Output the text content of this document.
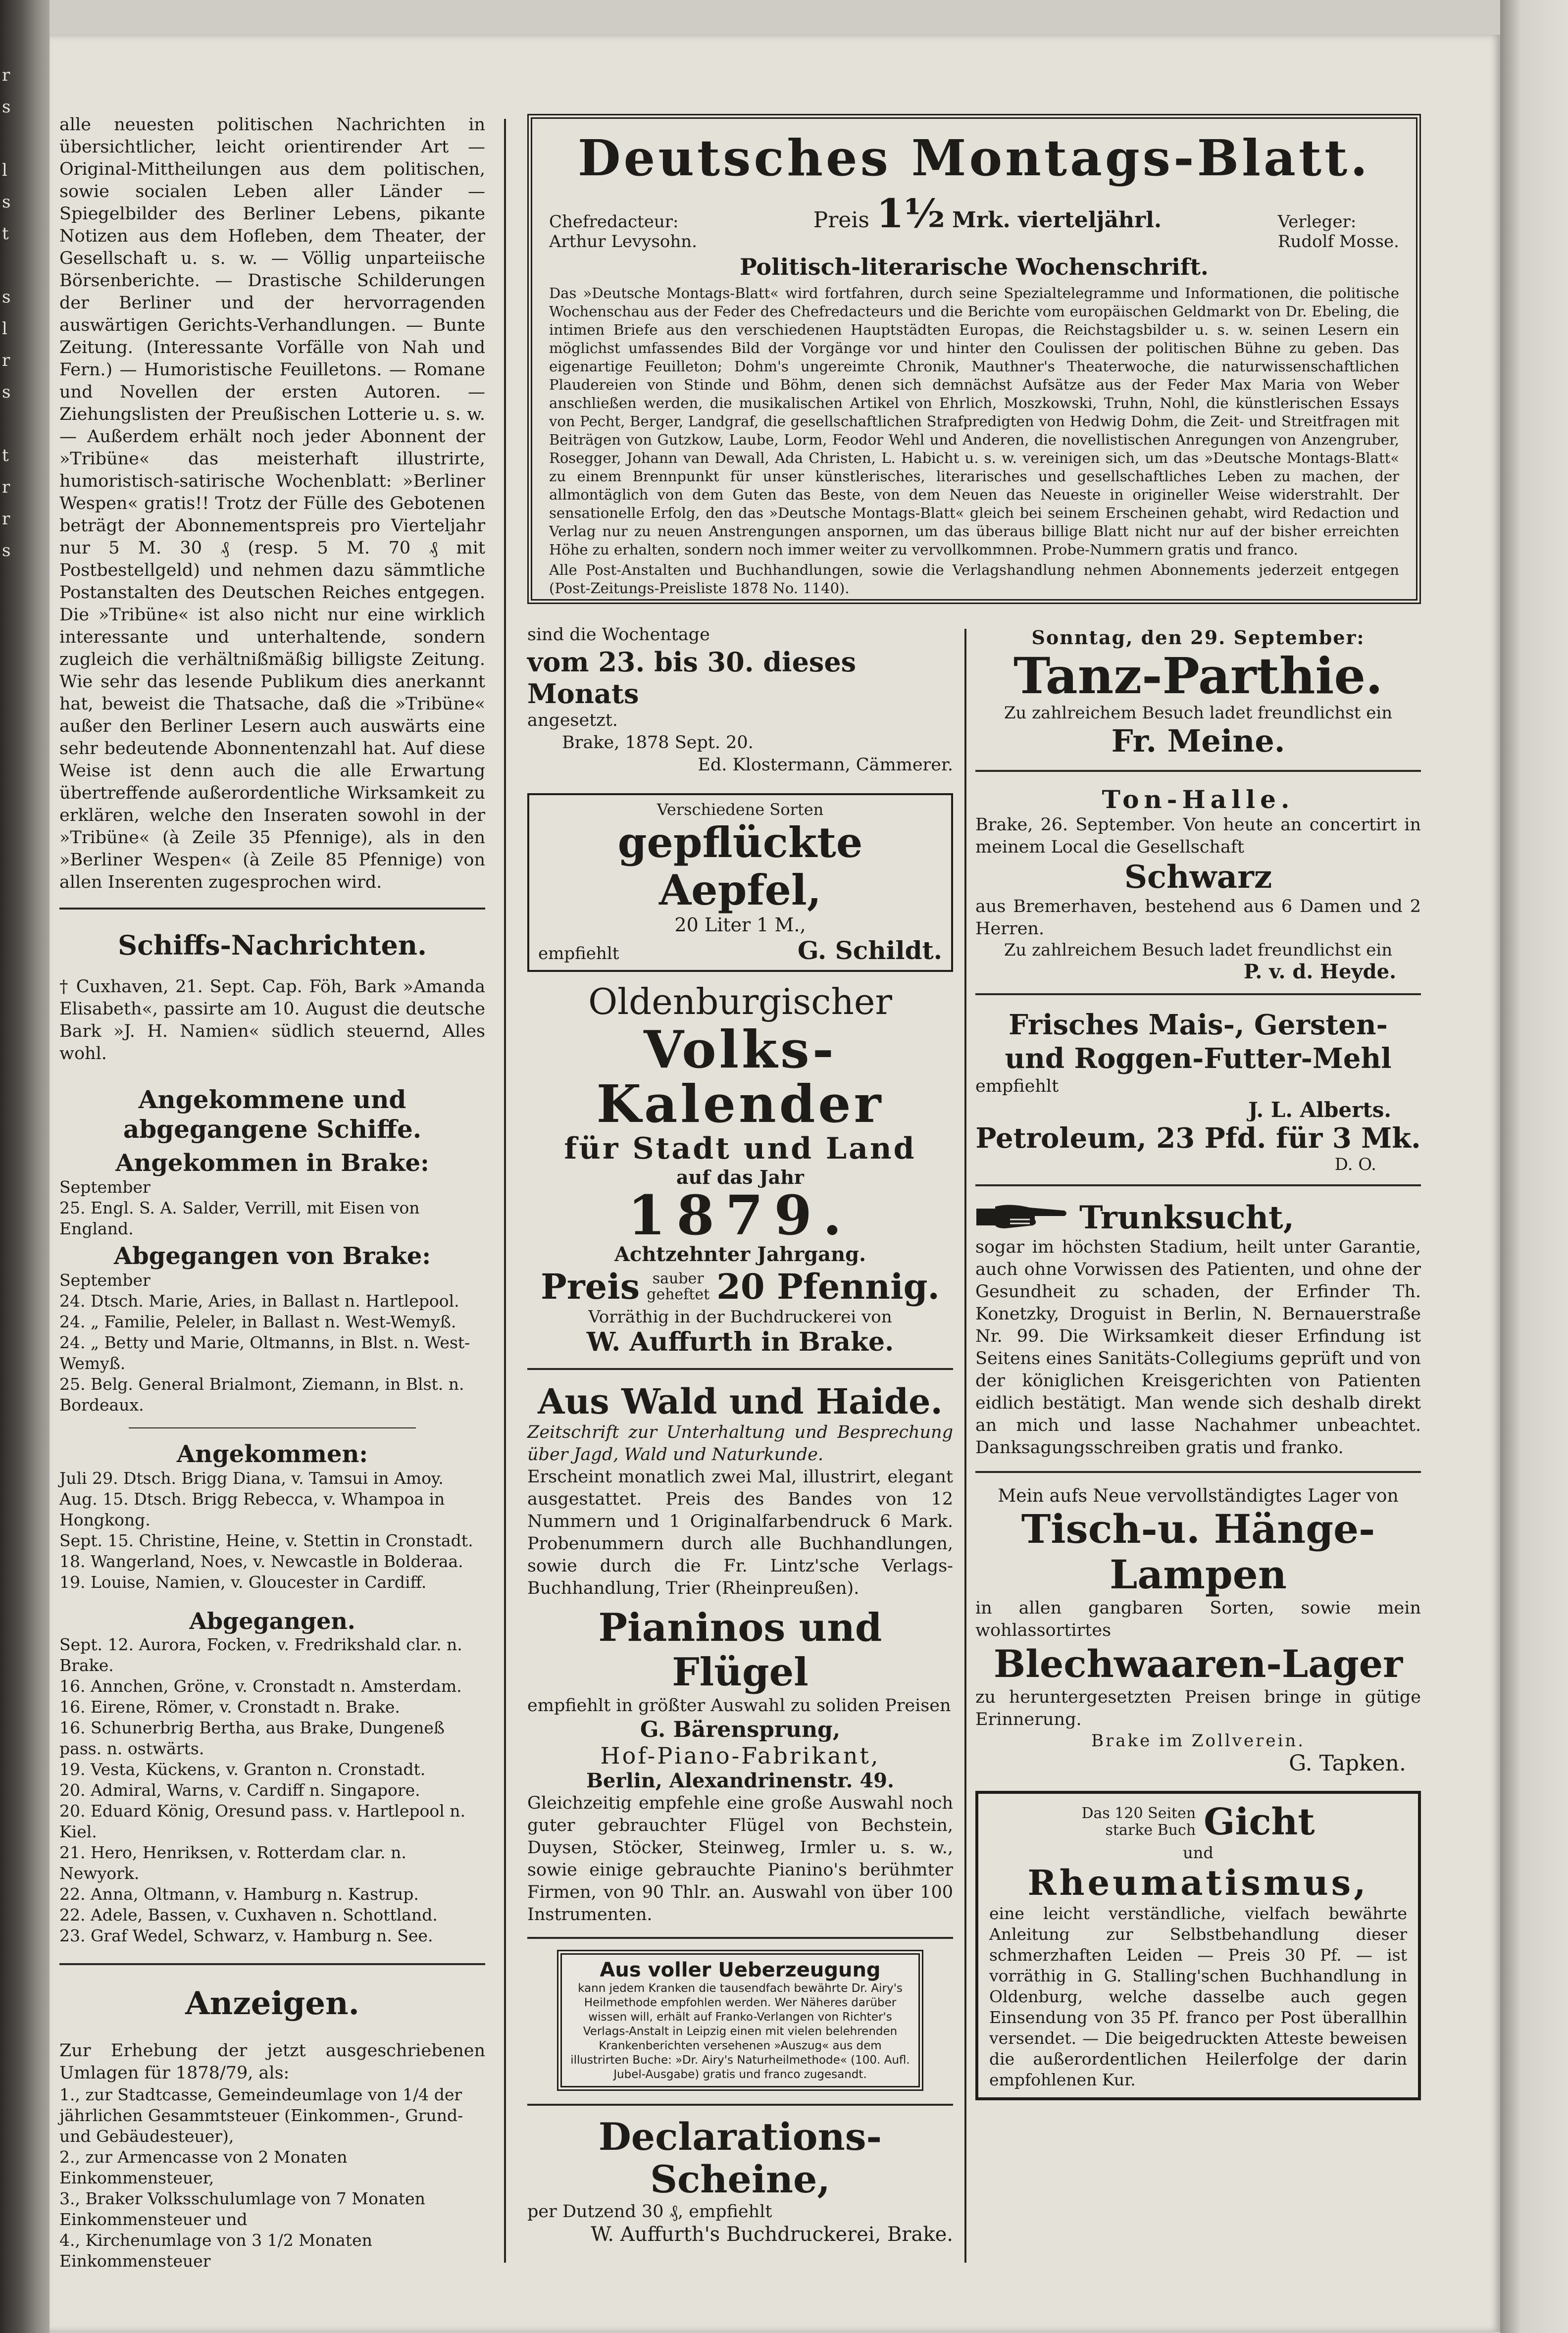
r
s

l
s
t

s
l
r
s

t
r
r
s

alle neuesten politischen Nachrichten in übersichtlicher, leicht orientirender Art — Original-Mittheilungen aus dem politischen, sowie socialen Leben aller Länder — Spiegelbilder des Berliner Lebens, pikante Notizen aus dem Hofleben, dem Theater, der Gesellschaft u. s. w. — Völlig unparteiische Börsenberichte. — Drastische Schilderungen der Berliner und der hervorragenden auswärtigen Gerichts-Verhandlungen. — Bunte Zeitung. (Interessante Vorfälle von Nah und Fern.) — Humoristische Feuilletons. — Romane und Novellen der ersten Autoren. — Ziehungslisten der Preußischen Lotterie u. s. w. — Außerdem erhält noch jeder Abonnent der »Tribüne« das meisterhaft illustrirte, humoristisch-satirische Wochenblatt: »Berliner Wespen« gratis!! Trotz der Fülle des Gebotenen beträgt der Abonnementspreis pro Vierteljahr nur 5 M. 30 ₰ (resp. 5 M. 70 ₰ mit Postbestellgeld) und nehmen dazu sämmtliche Postanstalten des Deutschen Reiches entgegen. Die »Tribüne« ist also nicht nur eine wirklich interessante und unterhaltende, sondern zugleich die verhältnißmäßig billigste Zeitung. Wie sehr das lesende Publikum dies anerkannt hat, beweist die Thatsache, daß die »Tribüne« außer den Berliner Lesern auch auswärts eine sehr bedeutende Abonnentenzahl hat. Auf diese Weise ist denn auch die alle Erwartung übertreffende außerordentliche Wirksamkeit zu erklären, welche den Inseraten sowohl in der »Tribüne« (à Zeile 35 Pfennige), als in den »Berliner Wespen« (à Zeile 85 Pfennige) von allen Inserenten zugesprochen wird.

Schiffs-Nachrichten.

† Cuxhaven, 21. Sept. Cap. Föh, Bark »Amanda Elisabeth«, passirte am 10. August die deutsche Bark »J. H. Namien« südlich steuernd, Alles wohl.

Angekommene und abgegangene Schiffe.

Angekommen in Brake:

September

25. Engl. S. A. Salder, Verrill, mit Eisen von England.

Abgegangen von Brake:

September

24. Dtsch. Marie, Aries, in Ballast n. Hartlepool.

24. „ Familie, Peleler, in Ballast n. West-Wemyß.

24. „ Betty und Marie, Oltmanns, in Blst. n. West-Wemyß.

25. Belg. General Brialmont, Ziemann, in Blst. n. Bordeaux.

Angekommen:

Juli 29. Dtsch. Brigg Diana, v. Tamsui in Amoy.

Aug. 15. Dtsch. Brigg Rebecca, v. Whampoa in Hongkong.

Sept. 15. Christine, Heine, v. Stettin in Cronstadt.

18. Wangerland, Noes, v. Newcastle in Bolderaa.

19. Louise, Namien, v. Gloucester in Cardiff.

Abgegangen.

Sept. 12. Aurora, Focken, v. Fredrikshald clar. n. Brake.

16. Annchen, Gröne, v. Cronstadt n. Amsterdam.

16. Eirene, Römer, v. Cronstadt n. Brake.

16. Schunerbrig Bertha, aus Brake, Dungeneß pass. n. ostwärts.

19. Vesta, Kückens, v. Granton n. Cronstadt.

20. Admiral, Warns, v. Cardiff n. Singapore.

20. Eduard König, Oresund pass. v. Hartlepool n. Kiel.

21. Hero, Henriksen, v. Rotterdam clar. n. Newyork.

22. Anna, Oltmann, v. Hamburg n. Kastrup.

22. Adele, Bassen, v. Cuxhaven n. Schottland.

23. Graf Wedel, Schwarz, v. Hamburg n. See.

Anzeigen.

Zur Erhebung der jetzt ausgeschriebenen Umlagen für 1878/79, als:

1., zur Stadtcasse, Gemeindeumlage von 1/4 der jährlichen Gesammtsteuer (Einkommen-, Grund- und Gebäudesteuer),

2., zur Armencasse von 2 Monaten Einkommensteuer,

3., Braker Volksschulumlage von 7 Monaten Einkommensteuer und

4., Kirchenumlage von 3 1/2 Monaten Einkommensteuer

Deutsches Montags-Blatt.

Chefredacteur:

Arthur Levysohn.

Preis 1½ Mrk. vierteljährl.	Verleger:

Rudolf Mosse.

Politisch-literarische Wochenschrift.

Das »Deutsche Montags-Blatt« wird fortfahren, durch seine Spezialtelegramme und Informationen, die politische Wochenschau aus der Feder des Chefredacteurs und die Berichte vom europäischen Geldmarkt von Dr. Ebeling, die intimen Briefe aus den verschiedenen Hauptstädten Europas, die Reichstagsbilder u. s. w. seinen Lesern ein möglichst umfassendes Bild der Vorgänge vor und hinter den Coulissen der politischen Bühne zu geben. Das eigenartige Feuilleton; Dohm's ungereimte Chronik, Mauthner's Theaterwoche, die naturwissenschaftlichen Plaudereien von Stinde und Böhm, denen sich demnächst Aufsätze aus der Feder Max Maria von Weber anschließen werden, die musikalischen Artikel von Ehrlich, Moszkowski, Truhn, Nohl, die künstlerischen Essays von Pecht, Berger, Landgraf, die gesellschaftlichen Strafpredigten von Hedwig Dohm, die Zeit- und Streitfragen mit Beiträgen von Gutzkow, Laube, Lorm, Feodor Wehl und Anderen, die novellistischen Anregungen von Anzengruber, Rosegger, Johann van Dewall, Ada Christen, L. Habicht u. s. w. vereinigen sich, um das »Deutsche Montags-Blatt« zu einem Brennpunkt für unser künstlerisches, literarisches und gesellschaftliches Leben zu machen, der allmontäglich von dem Guten das Beste, von dem Neuen das Neueste in origineller Weise widerstrahlt. Der sensationelle Erfolg, den das »Deutsche Montags-Blatt« gleich bei seinem Erscheinen gehabt, wird Redaction und Verlag nur zu neuen Anstrengungen anspornen, um das überaus billige Blatt nicht nur auf der bisher erreichten Höhe zu erhalten, sondern noch immer weiter zu vervollkommnen. Probe-Nummern gratis und franco.

Alle Post-Anstalten und Buchhandlungen, sowie die Verlagshandlung nehmen Abonnements jederzeit entgegen (Post-Zeitungs-Preisliste 1878 No. 1140).

sind die Wochentage

vom 23. bis 30. dieses Monats

angesetzt.

Brake, 1878 Sept. 20.

Ed. Klostermann, Cämmerer.

Verschiedene Sorten

gepflückte Aepfel,

20 Liter 1 M.,

empfiehlt	G. Schildt.

Oldenburgischer

Volks-Kalender

für Stadt und Land

auf das Jahr

1879.

Achtzehnter Jahrgang.

Preis sauber
geheftet 20 Pfennig.

Vorräthig in der Buchdruckerei von

W. Auffurth in Brake.

Aus Wald und Haide.

Zeitschrift zur Unterhaltung und Besprechung über Jagd, Wald und Naturkunde.

Erscheint monatlich zwei Mal, illustrirt, elegant ausgestattet. Preis des Bandes von 12 Nummern und 1 Originalfarbendruck 6 Mark. Probenummern durch alle Buchhandlungen, sowie durch die Fr. Lintz'sche Verlags-Buchhandlung, Trier (Rheinpreußen).

Pianinos und Flügel

empfiehlt in größter Auswahl zu soliden Preisen

G. Bärensprung,

Hof-Piano-Fabrikant,

Berlin, Alexandrinenstr. 49.

Gleichzeitig empfehle eine große Auswahl noch guter gebrauchter Flügel von Bechstein, Duysen, Stöcker, Steinweg, Irmler u. s. w., sowie einige gebrauchte Pianino's berühmter Firmen, von 90 Thlr. an. Auswahl von über 100 Instrumenten.

Aus voller Ueberzeugung

kann jedem Kranken die tausendfach bewährte Dr. Airy's Heilmethode empfohlen werden. Wer Näheres darüber wissen will, erhält auf Franko-Verlangen von Richter's Verlags-Anstalt in Leipzig einen mit vielen belehrenden Krankenberichten versehenen »Auszug« aus dem illustrirten Buche: »Dr. Airy's Naturheilmethode« (100. Aufl. Jubel-Ausgabe) gratis und franco zugesandt.

Declarations-Scheine,

per Dutzend 30 ₰, empfiehlt

W. Auffurth's Buchdruckerei, Brake.

Sonntag, den 29. September:

Tanz-Parthie.

Zu zahlreichem Besuch ladet freundlichst ein

Fr. Meine.

Ton-Halle.

Brake, 26. September. Von heute an concertirt in meinem Local die Gesellschaft

Schwarz

aus Bremerhaven, bestehend aus 6 Damen und 2 Herren.

Zu zahlreichem Besuch ladet freundlichst ein

P. v. d. Heyde.

Frisches Mais-, Gersten- und Roggen-Futter-Mehl

empfiehlt

J. L. Alberts.

Petroleum, 23 Pfd. für 3 Mk.

D. O.

Trunksucht,

sogar im höchsten Stadium, heilt unter Garantie, auch ohne Vorwissen des Patienten, und ohne der Gesundheit zu schaden, der Erfinder Th. Konetzky, Droguist in Berlin, N. Bernauerstraße Nr. 99. Die Wirksamkeit dieser Erfindung ist Seitens eines Sanitäts-Collegiums geprüft und von der königlichen Kreisgerichten von Patienten eidlich bestätigt. Man wende sich deshalb direkt an mich und lasse Nachahmer unbeachtet. Danksagungsschreiben gratis und franko.

Mein aufs Neue vervollständigtes Lager von

Tisch-u. Hänge-Lampen

in allen gangbaren Sorten, sowie mein wohlassortirtes

Blechwaaren-Lager

zu heruntergesetzten Preisen bringe in gütige Erinnerung.

Brake im Zollverein.

G. Tapken.

Das 120 Seiten
starke Buch Gicht

und

Rheumatismus,

eine leicht verständliche, vielfach bewährte Anleitung zur Selbstbehandlung dieser schmerzhaften Leiden — Preis 30 Pf. — ist vorräthig in G. Stalling'schen Buchhandlung in Oldenburg, welche dasselbe auch gegen Einsendung von 35 Pf. franco per Post überallhin versendet. — Die beigedruckten Atteste beweisen die außerordentlichen Heilerfolge der darin empfohlenen Kur.
